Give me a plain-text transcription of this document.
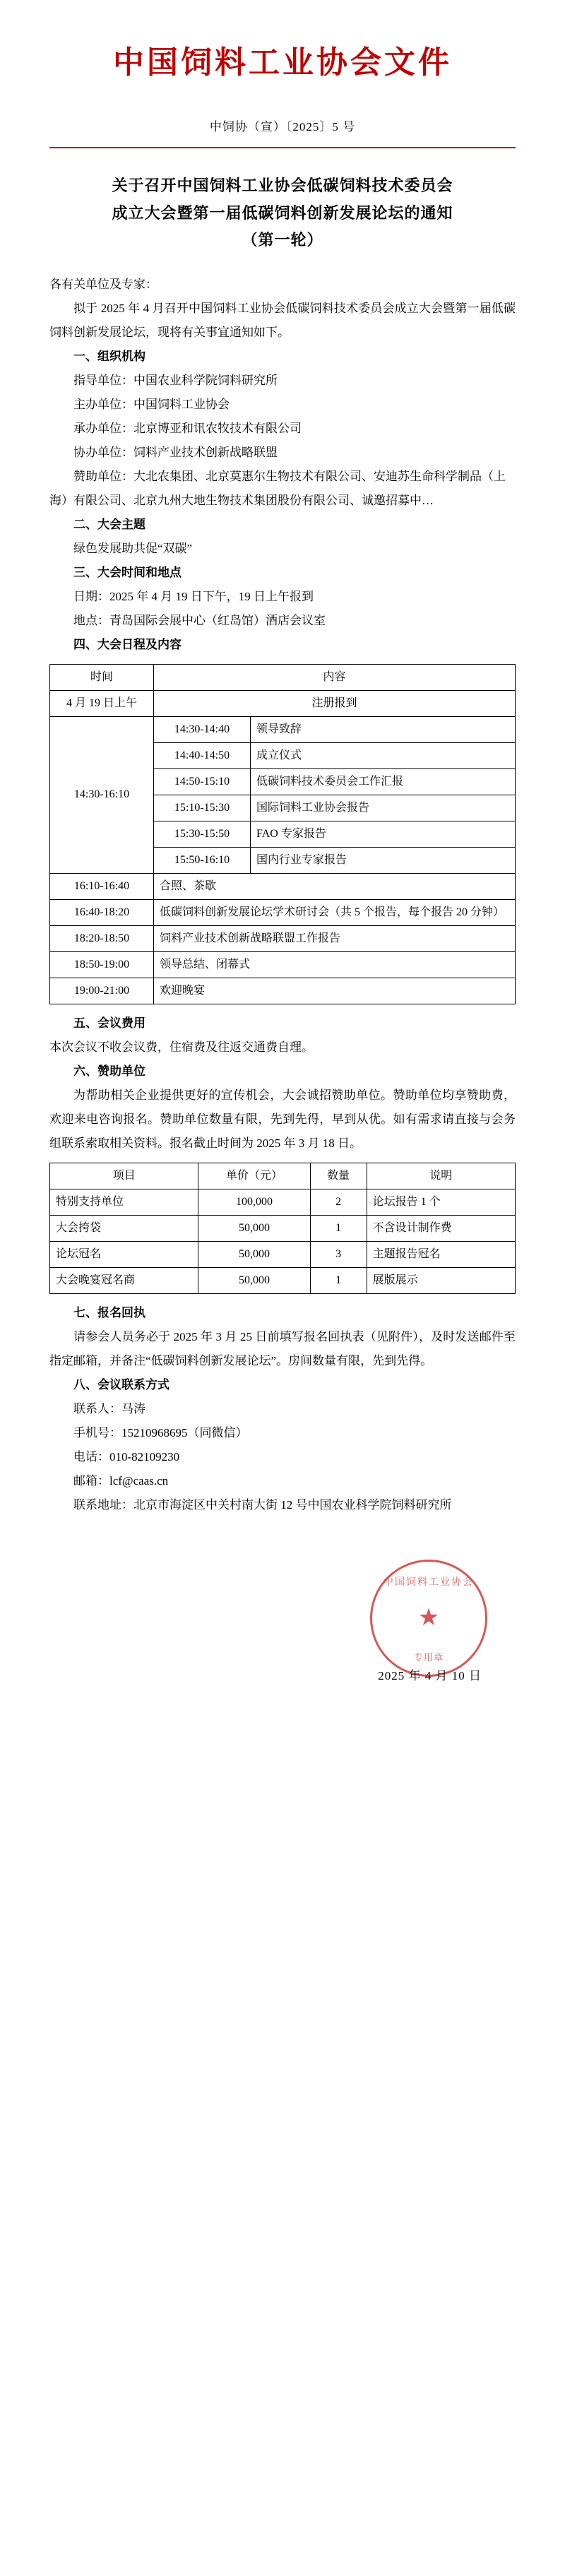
中国饲料工业协会文件
中饲协（宣）〔2025〕5 号
关于召开中国饲料工业协会低碳饲料技术委员会
成立大会暨第一届低碳饲料创新发展论坛的通知
（第一轮）

各有关单位及专家：

拟于 2025 年 4 月召开中国饲料工业协会低碳饲料技术委员会成立大会暨第一届低碳饲料创新发展论坛，现将有关事宜通知如下。

一、组织机构

指导单位：中国农业科学院饲料研究所

主办单位：中国饲料工业协会

承办单位：北京博亚和讯农牧技术有限公司

协办单位：饲料产业技术创新战略联盟

赞助单位：大北农集团、北京莫惠尔生物技术有限公司、安迪苏生命科学制品（上海）有限公司、北京九州大地生物技术集团股份有限公司、诚邀招募中…

二、大会主题

绿色发展助共促“双碳”

三、大会时间和地点

日期：2025 年 4 月 19 日下午，19 日上午报到

地点：青岛国际会展中心（红岛馆）酒店会议室

四、大会日程及内容

时间	内容	
4 月 19 日上午	注册报到	
14:30-16:10	14:30-14:40	领导致辞
	14:40-14:50	成立仪式
	14:50-15:10	低碳饲料技术委员会工作汇报
	15:10-15:30	国际饲料工业协会报告
	15:30-15:50	FAO 专家报告
	15:50-16:10	国内行业专家报告
16:10-16:40	合照、茶歇	
16:40-18:20	低碳饲料创新发展论坛学术研讨会（共 5 个报告，每个报告 20 分钟）	
18:20-18:50	饲料产业技术创新战略联盟工作报告	
18:50-19:00	领导总结、闭幕式	
19:00-21:00	欢迎晚宴	

五、会议费用

本次会议不收会议费，住宿费及往返交通费自理。

六、赞助单位

为帮助相关企业提供更好的宣传机会，大会诚招赞助单位。赞助单位均享赞助费，欢迎来电咨询报名。赞助单位数量有限，先到先得，早到从优。如有需求请直接与会务组联系索取相关资料。报名截止时间为 2025 年 3 月 18 日。

项目	单价（元）	数量	说明
特别支持单位	100,000	2	论坛报告 1 个
大会挎袋	50,000	1	不含设计制作费
论坛冠名	50,000	3	主题报告冠名
大会晚宴冠名商	50,000	1	展版展示

七、报名回执

请参会人员务必于 2025 年 3 月 25 日前填写报名回执表（见附件），及时发送邮件至指定邮箱，并备注“低碳饲料创新发展论坛”。房间数量有限，先到先得。

八、会议联系方式

联系人：马涛

手机号：15210968695（同微信）

电话：010-82109230

邮箱：lcf@caas.cn

联系地址：北京市海淀区中关村南大街 12 号中国农业科学院饲料研究所

中国饲料工业协会
★
专用章
2025 年 4 月 10 日
